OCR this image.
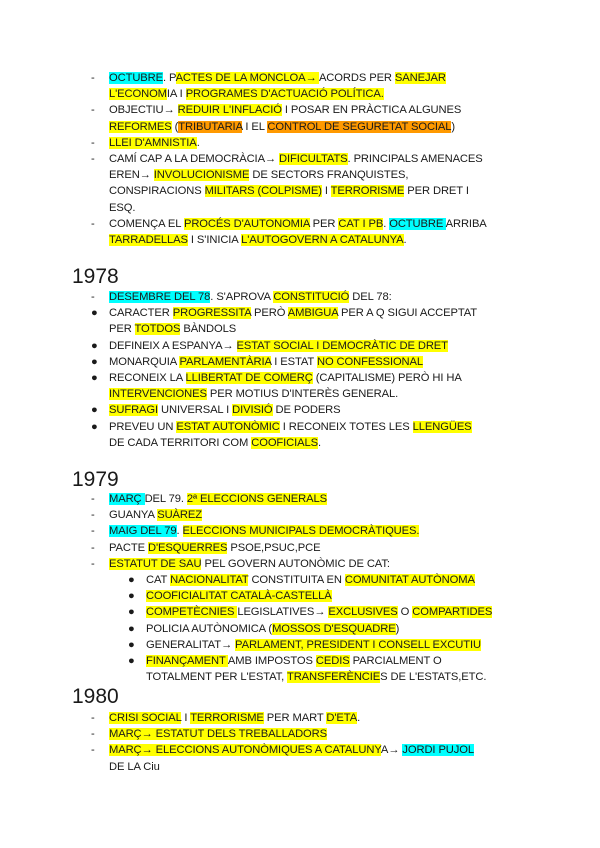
-	OCTUBRE. PACTES DE LA MONCLOA→ ACORDS PER SANEJAR
L'ECONOMIA I PROGRAMES D'ACTUACIÓ POLÍTICA.
-	OBJECTIU→ REDUIR L'INFLACIÓ I POSAR EN PRÀCTICA ALGUNES
REFORMES (TRIBUTARIA I EL CONTROL DE SEGURETAT SOCIAL)
-	LLEI D'AMNISTIA.
-	CAMÍ CAP A LA DEMOCRÀCIA→ DIFICULTATS. PRINCIPALS AMENACES
EREN→ INVOLUCIONISME DE SECTORS FRANQUISTES,
CONSPIRACIONS MILITARS (COLPISME) I TERRORISME PER DRET I
ESQ.
-	COMENÇA EL PROCÉS D'AUTONOMIA PER CAT I PB. OCTUBRE ARRIBA
TARRADELLAS I S'INICIA L'AUTOGOVERN A CATALUNYA.
1978
-	DESEMBRE DEL 78. S'APROVA CONSTITUCIÓ DEL 78:
●	CARACTER PROGRESSITA PERÒ AMBIGUA PER A Q SIGUI ACCEPTAT
PER TOTDOS BÀNDOLS
●	DEFINEIX A ESPANYA→ ESTAT SOCIAL I DEMOCRÀTIC DE DRET
●	MONARQUIA PARLAMENTÀRIA I ESTAT NO CONFESSIONAL
●	RECONEIX LA LLIBERTAT DE COMERÇ (CAPITALISME) PERÒ HI HA
INTERVENCIONES PER MOTIUS D'INTERÈS GENERAL.
●	SUFRAGI UNIVERSAL I DIVISIÓ DE PODERS
●	PREVEU UN ESTAT AUTONÒMIC I RECONEIX TOTES LES LLENGÜES
DE CADA TERRITORI COM COOFICIALS.
1979
-	MARÇ DEL 79. 2ª ELECCIONS GENERALS
-	GUANYA SUÀREZ
-	MAIG DEL 79. ELECCIONS MUNICIPALS DEMOCRÀTIQUES.
-	PACTE D'ESQUERRES PSOE,PSUC,PCE
-	ESTATUT DE SAU PEL GOVERN AUTONÒMIC DE CAT:
●	CAT NACIONALITAT CONSTITUITA EN COMUNITAT AUTÒNOMA
●	COOFICIALITAT CATALÀ-CASTELLÀ
●	COMPETÈCNIES LEGISLATIVES→ EXCLUSIVES O COMPARTIDES
●	POLICIA AUTÒNOMICA (MOSSOS D'ESQUADRE)
●	GENERALITAT→ PARLAMENT, PRESIDENT I CONSELL EXCUTIU
●	FINANÇAMENT AMB IMPOSTOS CEDIS PARCIALMENT O
TOTALMENT PER L'ESTAT, TRANSFERÈNCIES DE L'ESTATS,ETC.
1980
-	CRISI SOCIAL I TERRORISME PER MART D'ETA.
-	MARÇ→ ESTATUT DELS TREBALLADORS
-	MARÇ→ ELECCIONS AUTONÒMIQUES A CATALUNYA→ JORDI PUJOL
DE LA Ciu
